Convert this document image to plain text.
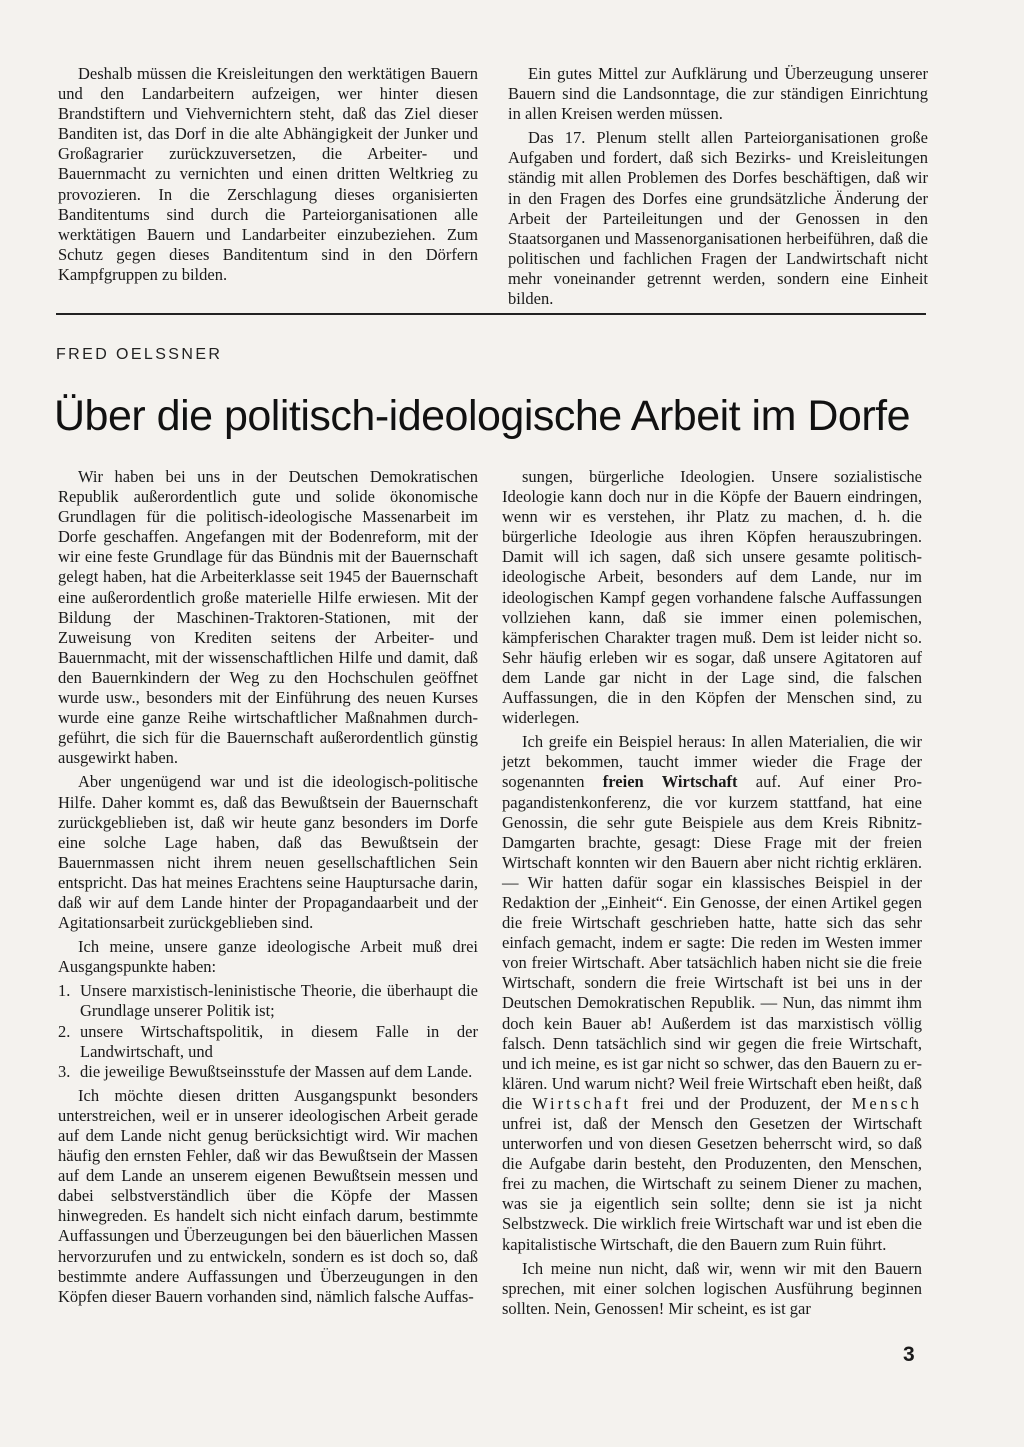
Deshalb müssen die Kreisleitungen den werktätigen Bauern und den Landarbeitern aufzeigen, wer hinter diesen Brandstiftern und Viehvernichtern steht, daß das Ziel dieser Banditen ist, das Dorf in die alte Abhängigkeit der Junker und Großagrarier zurückzuversetzen, die Arbeiter- und Bauernmacht zu vernichten und einen dritten Weltkrieg zu provozieren. In die Zerschlagung dieses organisierten Banditentums sind durch die Parteiorganisationen alle werktätigen Bauern und Landarbeiter einzubeziehen. Zum Schutz gegen dieses Banditentum sind in den Dörfern Kampfgruppen zu bilden.

Ein gutes Mittel zur Aufklärung und Überzeugung unserer Bauern sind die Landsonntage, die zur ständigen Einrichtung in allen Kreisen werden müssen.

Das 17. Plenum stellt allen Parteiorganisationen große Aufgaben und fordert, daß sich Bezirks- und Kreisleitungen ständig mit allen Problemen des Dorfes beschäftigen, daß wir in den Fragen des Dorfes eine grundsätzliche Änderung der Arbeit der Parteileitungen und der Genossen in den Staatsorganen und Massenorganisationen herbeiführen, daß die politischen und fachlichen Fragen der Landwirtschaft nicht mehr voneinander getrennt werden, sondern eine Einheit bilden.

FRED OELSSNER
Über die politisch-ideologische Arbeit im Dorfe

Wir haben bei uns in der Deutschen Demokratischen Republik außerordentlich gute und solide ökonomische Grundlagen für die politisch-ideologische Massenarbeit im Dorfe geschaffen. Angefangen mit der Bodenreform, mit der wir eine feste Grundlage für das Bündnis mit der Bauernschaft gelegt haben, hat die Arbeiterklasse seit 1945 der Bauernschaft eine außerordentlich große materielle Hilfe erwiesen. Mit der Bildung der Maschinen-Traktoren-Stationen, mit der Zuweisung von Krediten seitens der Arbeiter- und Bauernmacht, mit der wissenschaftlichen Hilfe und damit, daß den Bauernkindern der Weg zu den Hochschulen geöffnet wurde usw., besonders mit der Einführung des neuen Kurses wurde eine ganze Reihe wirtschaftlicher Maßnahmen durchgeführt, die sich für die Bauernschaft außerordentlich günstig ausgewirkt haben.

Aber ungenügend war und ist die ideologisch-politische Hilfe. Daher kommt es, daß das Bewußtsein der Bauernschaft zurückgeblieben ist, daß wir heute ganz besonders im Dorfe eine solche Lage haben, daß das Bewußtsein der Bauernmassen nicht ihrem neuen gesellschaftlichen Sein entspricht. Das hat meines Erachtens seine Hauptursache darin, daß wir auf dem Lande hinter der Propagandaarbeit und der Agitationsarbeit zurückgeblieben sind.

Ich meine, unsere ganze ideologische Arbeit muß drei Ausgangspunkte haben:

1. Unsere marxistisch-leninistische Theorie, die überhaupt die Grundlage unserer Politik ist;
2. unsere Wirtschaftspolitik, in diesem Falle in der Landwirtschaft, und
3. die jeweilige Bewußtseinsstufe der Massen auf dem Lande.

Ich möchte diesen dritten Ausgangspunkt besonders unterstreichen, weil er in unserer ideologischen Arbeit gerade auf dem Lande nicht genug berücksichtigt wird. Wir machen häufig den ernsten Fehler, daß wir das Bewußtsein der Massen auf dem Lande an unserem eigenen Bewußtsein messen und dabei selbstverständlich über die Köpfe der Massen hinwegreden. Es handelt sich nicht einfach darum, bestimmte Auffassungen und Überzeugungen bei den bäuerlichen Massen hervorzurufen und zu entwickeln, sondern es ist doch so, daß bestimmte andere Auffassungen und Überzeugungen in den Köpfen dieser Bauern vorhanden sind, nämlich falsche Auffas-

sungen, bürgerliche Ideologien. Unsere sozialistische Ideologie kann doch nur in die Köpfe der Bauern eindringen, wenn wir es verstehen, ihr Platz zu machen, d. h. die bürgerliche Ideologie aus ihren Köpfen herauszubringen. Damit will ich sagen, daß sich unsere gesamte politisch-ideologische Arbeit, besonders auf dem Lande, nur im ideologischen Kampf gegen vorhandene falsche Auffassungen vollziehen kann, daß sie immer einen polemischen, kämpferischen Charakter tragen muß. Dem ist leider nicht so. Sehr häufig erleben wir es sogar, daß unsere Agitatoren auf dem Lande gar nicht in der Lage sind, die falschen Auffassungen, die in den Köpfen der Menschen sind, zu widerlegen.

Ich greife ein Beispiel heraus: In allen Materialien, die wir jetzt bekommen, taucht immer wieder die Frage der sogenannten freien Wirtschaft auf. Auf einer Propagandistenkonferenz, die vor kurzem stattfand, hat eine Genossin, die sehr gute Beispiele aus dem Kreis Ribnitz-Damgarten brachte, gesagt: Diese Frage mit der freien Wirtschaft konnten wir den Bauern aber nicht richtig erklären. — Wir hatten dafür sogar ein klassisches Beispiel in der Redaktion der „Einheit“. Ein Genosse, der einen Artikel gegen die freie Wirtschaft geschrieben hatte, hatte sich das sehr einfach gemacht, indem er sagte: Die reden im Westen immer von freier Wirtschaft. Aber tatsächlich haben nicht sie die freie Wirtschaft, sondern die freie Wirtschaft ist bei uns in der Deutschen Demokratischen Republik. — Nun, das nimmt ihm doch kein Bauer ab! Außerdem ist das marxistisch völlig falsch. Denn tatsächlich sind wir gegen die freie Wirtschaft, und ich meine, es ist gar nicht so schwer, das den Bauern zu erklären. Und warum nicht? Weil freie Wirtschaft eben heißt, daß die Wirtschaft frei und der Produzent, der Mensch unfrei ist, daß der Mensch den Gesetzen der Wirtschaft unterworfen und von diesen Gesetzen beherrscht wird, so daß die Aufgabe darin besteht, den Produzenten, den Menschen, frei zu machen, die Wirtschaft zu seinem Diener zu machen, was sie ja eigentlich sein sollte; denn sie ist ja nicht Selbstzweck. Die wirklich freie Wirtschaft war und ist eben die kapitalistische Wirtschaft, die den Bauern zum Ruin führt.

Ich meine nun nicht, daß wir, wenn wir mit den Bauern sprechen, mit einer solchen logischen Ausführung beginnen sollten. Nein, Genossen! Mir scheint, es ist gar

3
